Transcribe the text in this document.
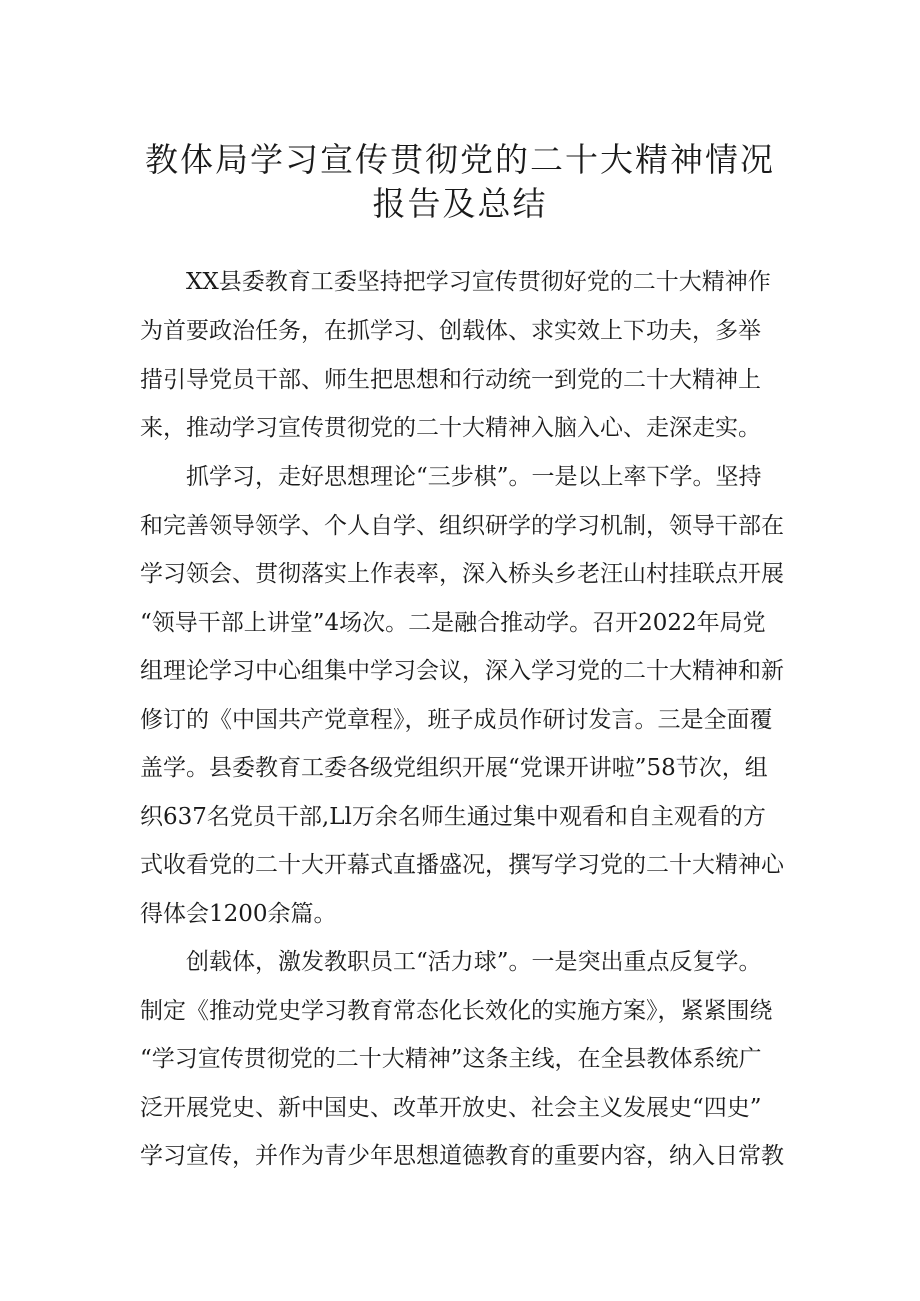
教体局学习宣传贯彻党的二十大精神情况
报告及总结

XX县委教育工委坚持把学习宣传贯彻好党的二十大精神作

为首要政治任务，在抓学习、创载体、求实效上下功夫，多举

措引导党员干部、师生把思想和行动统一到党的二十大精神上

来，推动学习宣传贯彻党的二十大精神入脑入心、走深走实。

抓学习，走好思想理论“三步棋”。一是以上率下学。坚持

和完善领导领学、个人自学、组织研学的学习机制，领导干部在

学习领会、贯彻落实上作表率，深入桥头乡老汪山村挂联点开展

“领导干部上讲堂”4场次。二是融合推动学。召开2022年局党

组理论学习中心组集中学习会议，深入学习党的二十大精神和新

修订的《中国共产党章程》，班子成员作研讨发言。三是全面覆

盖学。县委教育工委各级党组织开展“党课开讲啦”58节次，组

织637名党员干部,Ll万余名师生通过集中观看和自主观看的方

式收看党的二十大开幕式直播盛况，撰写学习党的二十大精神心

得体会1200余篇。

创载体，激发教职员工“活力球”。一是突出重点反复学。

制定《推动党史学习教育常态化长效化的实施方案》，紧紧围绕

“学习宣传贯彻党的二十大精神”这条主线，在全县教体系统广

泛开展党史、新中国史、改革开放史、社会主义发展史“四史”

学习宣传，并作为青少年思想道德教育的重要内容，纳入日常教
